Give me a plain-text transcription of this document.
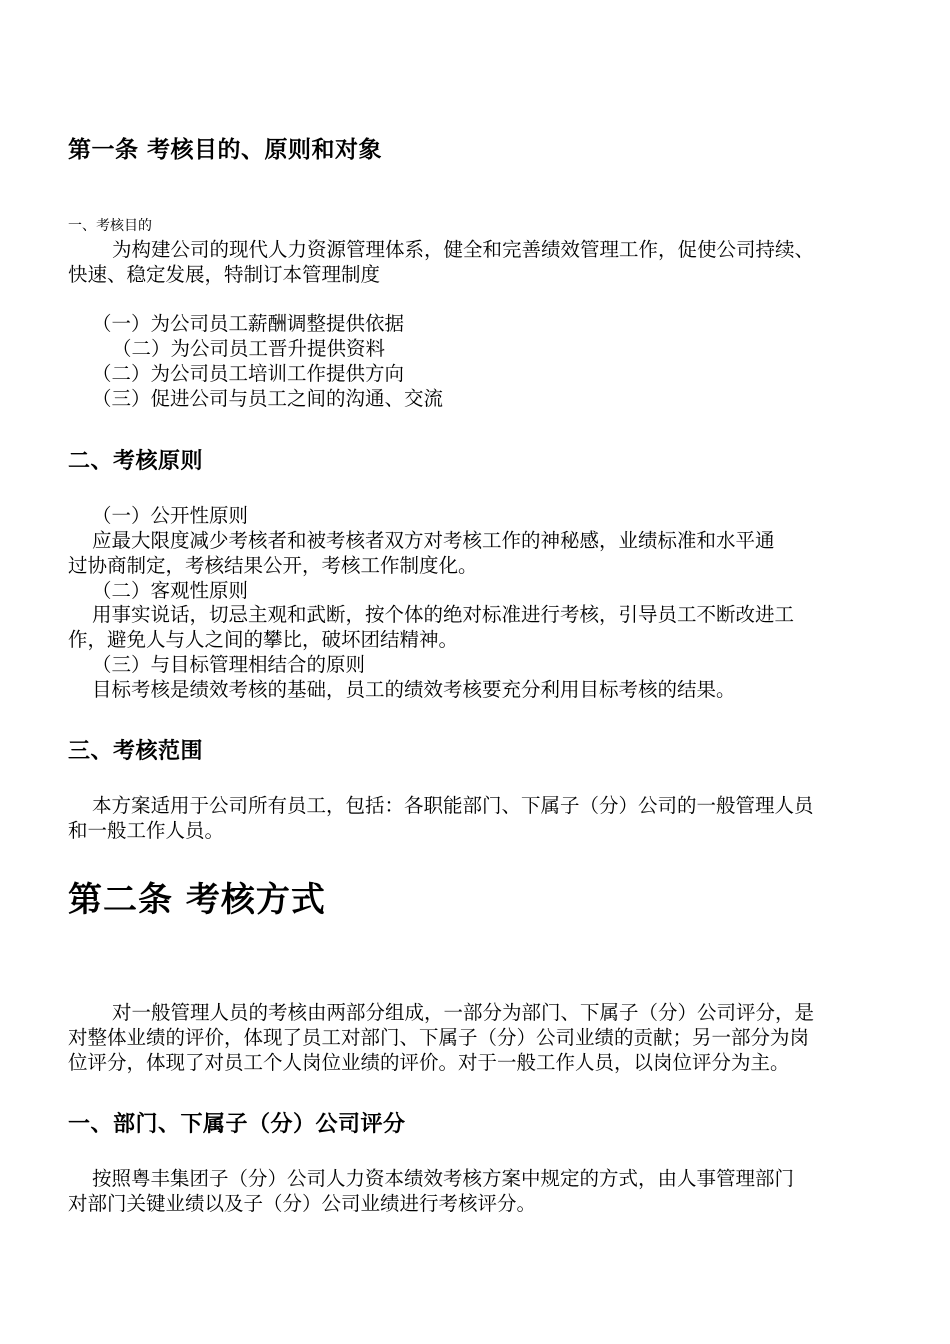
第一条 考核目的、原则和对象
一、考核目的
为构建公司的现代人力资源管理体系，健全和完善绩效管理工作，促使公司持续、
快速、稳定发展，特制订本管理制度
（一）为公司员工薪酬调整提供依据
（二）为公司员工晋升提供资料
（二）为公司员工培训工作提供方向
（三）促进公司与员工之间的沟通、交流
二、考核原则
（一）公开性原则
应最大限度减少考核者和被考核者双方对考核工作的神秘感，业绩标准和水平通
过协商制定，考核结果公开，考核工作制度化。
（二）客观性原则
用事实说话，切忌主观和武断，按个体的绝对标准进行考核，引导员工不断改进工
作，避免人与人之间的攀比，破坏团结精神。
（三）与目标管理相结合的原则
目标考核是绩效考核的基础，员工的绩效考核要充分利用目标考核的结果。
三、考核范围
本方案适用于公司所有员工，包括：各职能部门、下属子（分）公司的一般管理人员
和一般工作人员。
第二条 考核方式
对一般管理人员的考核由两部分组成，一部分为部门、下属子（分）公司评分，是
对整体业绩的评价，体现了员工对部门、下属子（分）公司业绩的贡献；另一部分为岗
位评分，体现了对员工个人岗位业绩的评价。对于一般工作人员，以岗位评分为主。
一、部门、下属子（分）公司评分
按照粤丰集团子（分）公司人力资本绩效考核方案中规定的方式，由人事管理部门
对部门关键业绩以及子（分）公司业绩进行考核评分。
